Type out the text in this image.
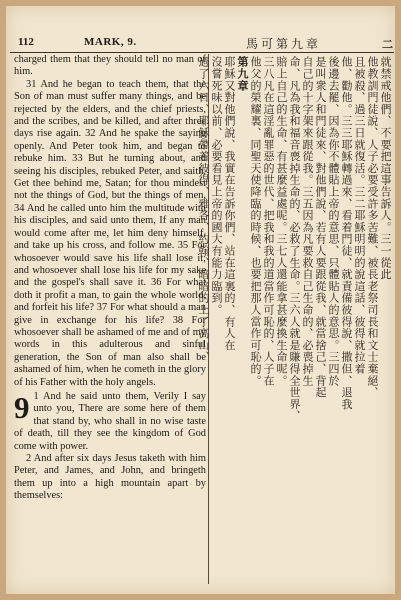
112	MARK, 9.	馬可第九章	二

charged them that they should tell no man of him.

31 And he began to teach them, that the Son of man must suffer many things, and be rejected by the elders, and the chief priests, and the scribes, and be killed, and after three days rise again. 32 And he spake the saying openly. And Peter took him, and began to rebuke him. 33 But he turning about, and seeing his disciples, rebuked Peter, and saith, Get thee behind me, Satan; for thou mindest not the things of God, but the things of men. 34 And he called unto him the multitude with his disciples, and said unto them, If any man would come after me, let him deny himself, and take up his cross, and follow me. 35 For whosoever would save his life shall lose it; and whosoever shall lose his life for my sake and the gospel's shall save it. 36 For what doth it profit a man, to gain the whole world, and forfeit his life? 37 For what should a man give in exchange for his life? 38 For whosoever shall be ashamed of me and of my words in this adulterous and sinful generation, the Son of man also shall be ashamed of him, when he cometh in the glory of his Father with the holy angels.

9 1 And he said unto them, Verily I say unto you, There are some here of them that stand by, who shall in no wise taste of death, till they see the kingdom of God come with power.

2 And after six days Jesus taketh with him Peter, and James, and John, and bringeth them up into a high mountain apart by themselves:

就禁戒他們、不要把這事告訴人。三一從此
他教訓門徒說、人子必要受許多苦難、被長老祭司長和文士棄絕、
且被殺、過三日就復活。三二耶穌明明的說這話、彼得就拉着
他、勸他。三三耶穌轉過來、看着門徒、就責備彼得說、撒但、退我
後邊去罷、因為你不體貼上帝的意思、只體貼人的意思。三四於
是叫衆人和門徒來、對他們說、若有人要跟從我、就當捨己、背起
自己的十字架來跟從我。三五因為凡要救自己生命的、必喪掉生
命、凡為我和福音喪掉生命的、必救了生命。三六人就是賺得全世界、
賠上自己的生命、有甚麼益處呢。三七人還能拿甚麼換生命呢。
三八凡在這淫亂罪惡的世代、把我和我的道當作可恥的、人子在
他父的榮耀裏、同聖天使降臨的時候、也要把那人當作可恥的。
第九章
耶穌又對他們說、我實在告訴你們、站在這裏的、有人在
沒嘗死味以前、必要看見上帝的國大有能力臨到。
過了六日、耶穌帶着彼得、雅各、約翰、暗暗的上了高山、
